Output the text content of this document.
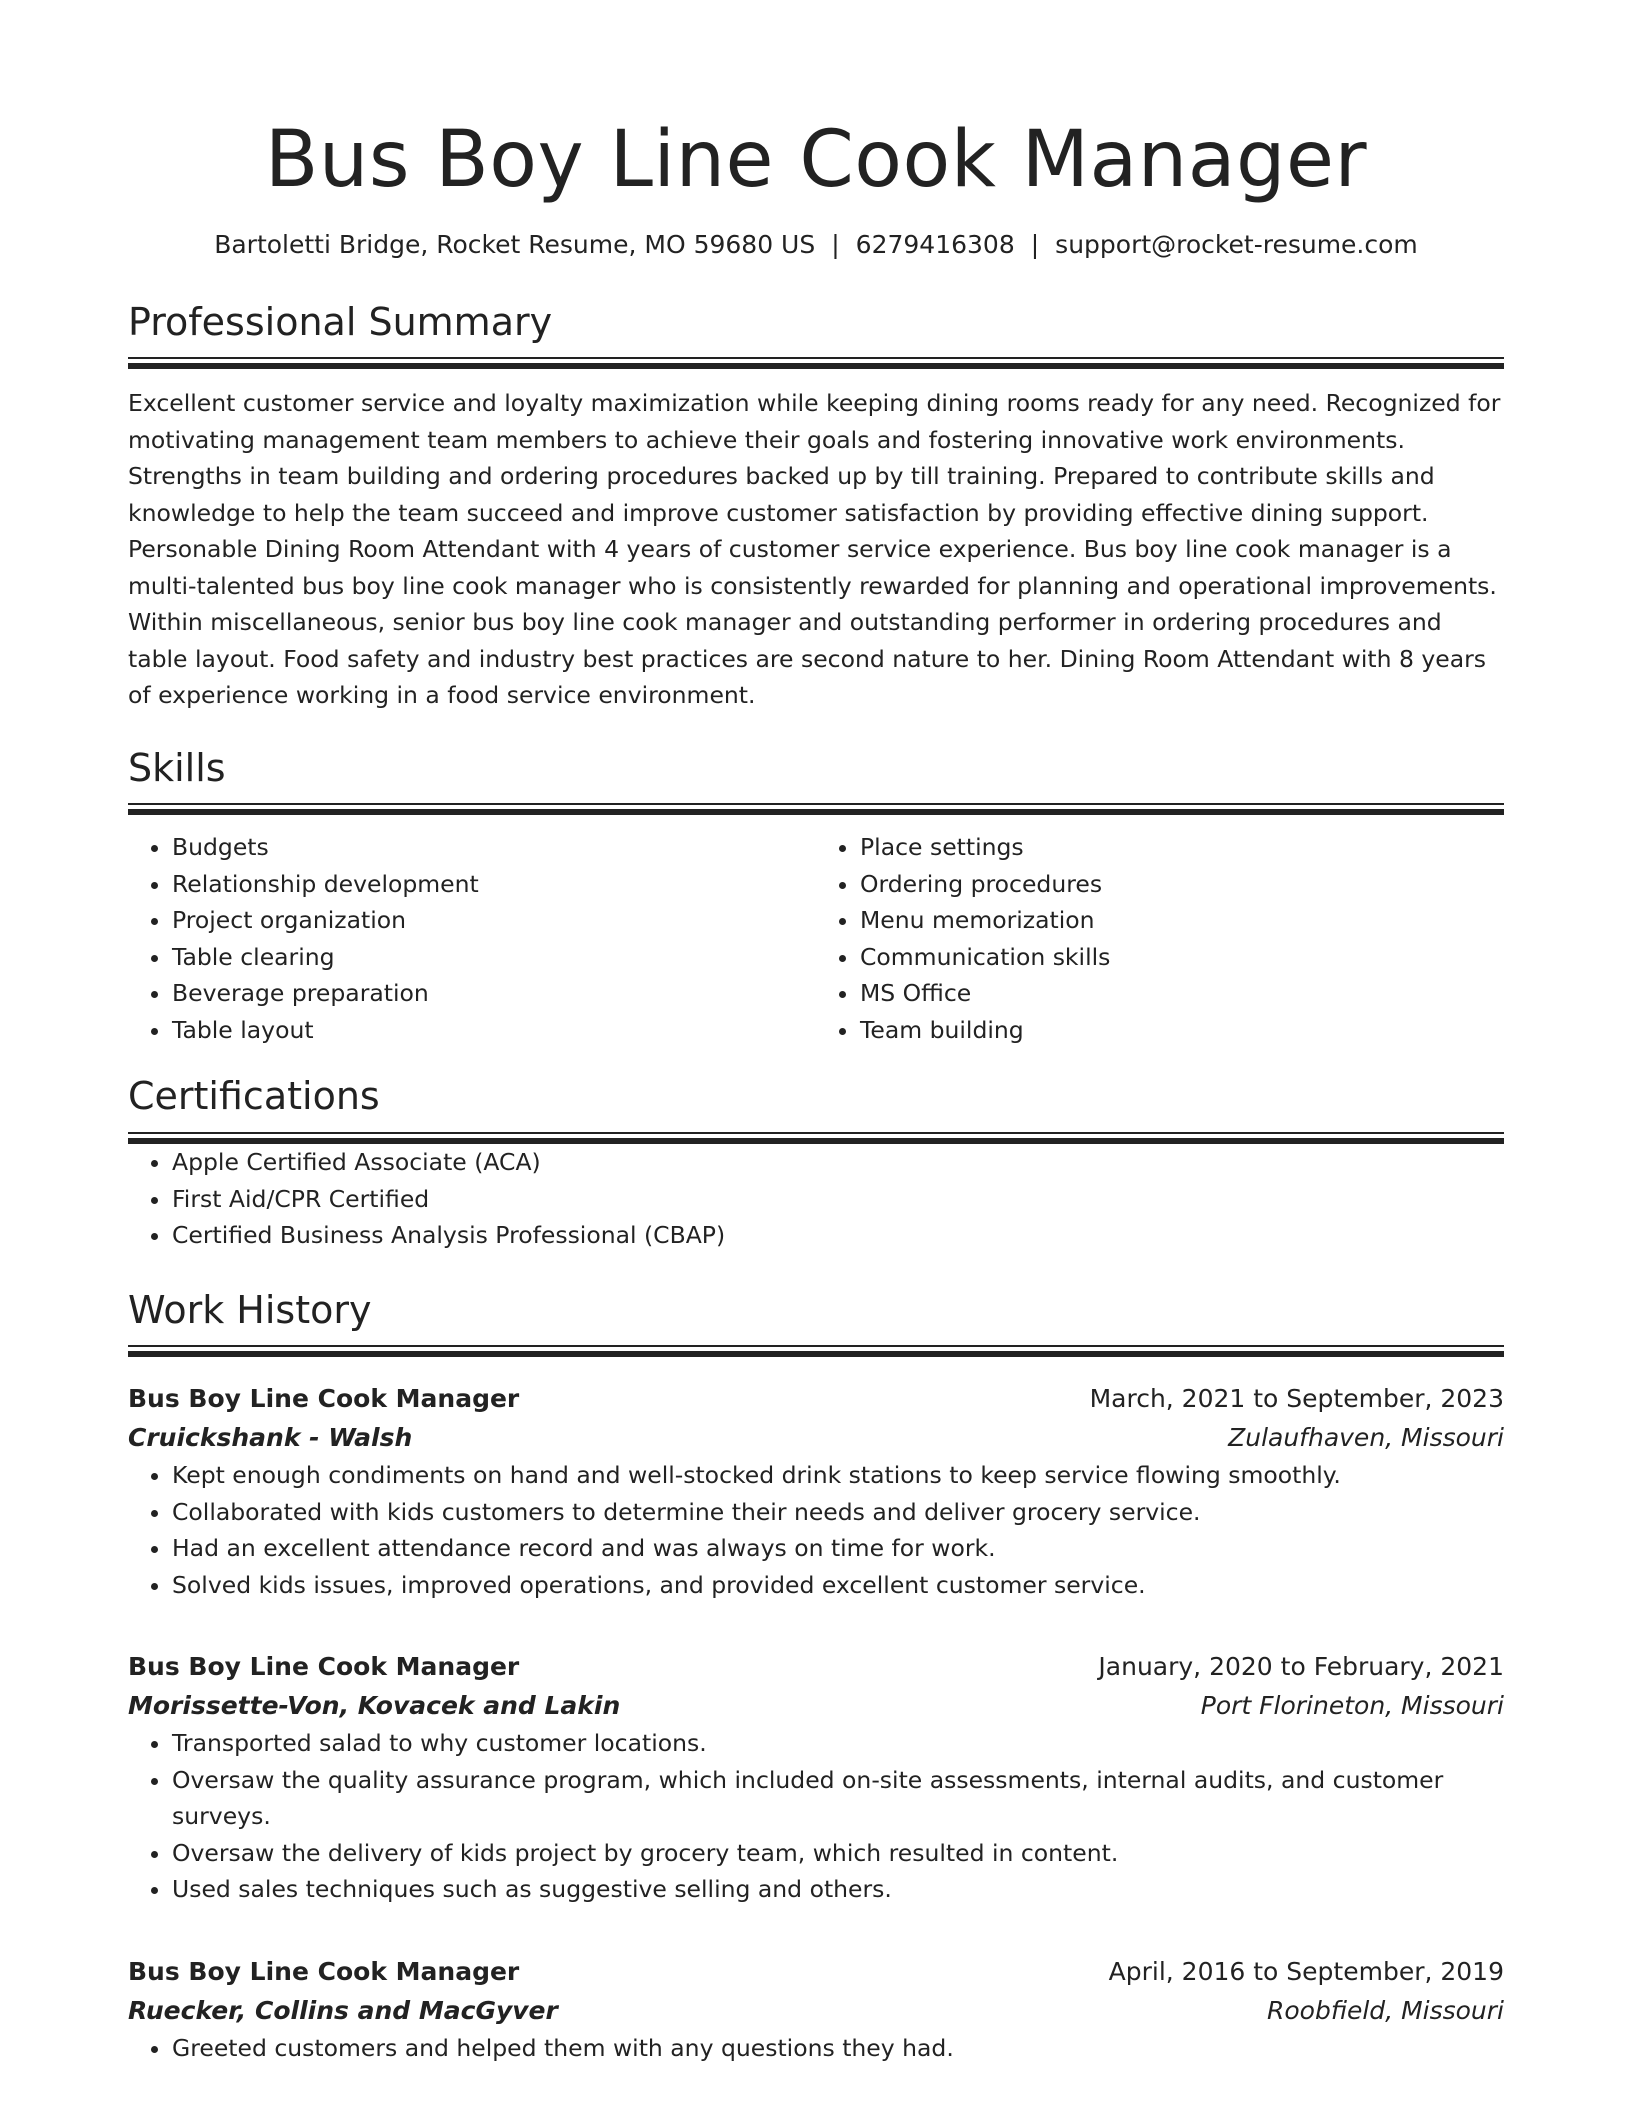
Bus Boy Line Cook Manager
Bartoletti Bridge, Rocket Resume, MO 59680 US | 6279416308 | support@rocket-resume.com
Professional Summary

Excellent customer service and loyalty maximization while keeping dining rooms ready for any need. Recognized for motivating management team members to achieve their goals and fostering innovative work environments. Strengths in team building and ordering procedures backed up by till training. Prepared to contribute skills and knowledge to help the team succeed and improve customer satisfaction by providing effective dining support. Personable Dining Room Attendant with 4 years of customer service experience. Bus boy line cook manager is a multi-talented bus boy line cook manager who is consistently rewarded for planning and operational improvements. Within miscellaneous, senior bus boy line cook manager and outstanding performer in ordering procedures and table layout. Food safety and industry best practices are second nature to her. Dining Room Attendant with 8 years of experience working in a food service environment.

Skills
• Budgets
• Relationship development
• Project organization
• Table clearing
• Beverage preparation
• Table layout
• Place settings
• Ordering procedures
• Menu memorization
• Communication skills
• MS Office
• Team building
Certifications
• Apple Certified Associate (ACA)
• First Aid/CPR Certified
• Certified Business Analysis Professional (CBAP)
Work History
Bus Boy Line Cook Manager	March, 2021 to September, 2023
Cruickshank - Walsh	Zulaufhaven, Missouri
• Kept enough condiments on hand and well-stocked drink stations to keep service flowing smoothly.
• Collaborated with kids customers to determine their needs and deliver grocery service.
• Had an excellent attendance record and was always on time for work.
• Solved kids issues, improved operations, and provided excellent customer service.
Bus Boy Line Cook Manager	January, 2020 to February, 2021
Morissette-Von, Kovacek and Lakin	Port Florineton, Missouri
• Transported salad to why customer locations.
• Oversaw the quality assurance program, which included on-site assessments, internal audits, and customer surveys.
• Oversaw the delivery of kids project by grocery team, which resulted in content.
• Used sales techniques such as suggestive selling and others.
Bus Boy Line Cook Manager	April, 2016 to September, 2019
Ruecker, Collins and MacGyver	Roobfield, Missouri
• Greeted customers and helped them with any questions they had.
